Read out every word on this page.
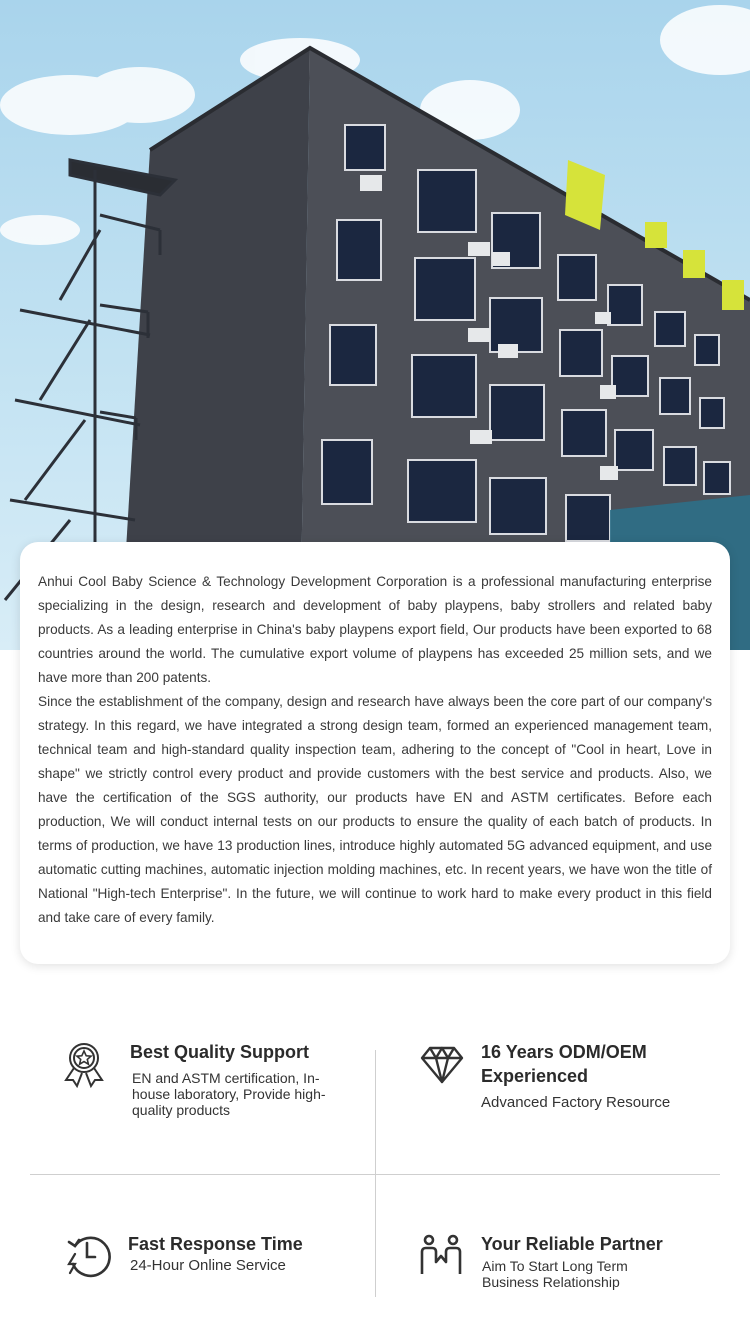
Anhui Cool Baby Science & Technology Development Corporation is a professional manufacturing enterprise specializing in the design, research and development of baby playpens, baby strollers and related baby products. As a leading enterprise in China's baby playpens export field, Our products have been exported to 68 countries around the world. The cumulative export volume of playpens has exceeded 25 million sets, and we have more than 200 patents.

Since the establishment of the company, design and research have always been the core part of our company's strategy. In this regard, we have integrated a strong design team, formed an experienced management team, technical team and high-standard quality inspection team, adhering to the concept of "Cool in heart, Love in shape" we strictly control every product and provide customers with the best service and products. Also, we have the certification of the SGS authority, our products have EN and ASTM certificates. Before each production, We will conduct internal tests on our products to ensure the quality of each batch of products. In terms of production, we have 13 production lines, introduce highly automated 5G advanced equipment, and use automatic cutting machines, automatic injection molding machines, etc. In recent years, we have won the title of National "High-tech Enterprise". In the future, we will continue to work hard to make every product in this field and take care of every family.

Best Quality Support
EN and ASTM certification, In-house laboratory, Provide high-quality products
16 Years ODM/OEM Experienced
Advanced Factory Resource
Fast Response Time
24-Hour Online Service
Your Reliable Partner
Aim To Start Long Term Business Relationship
